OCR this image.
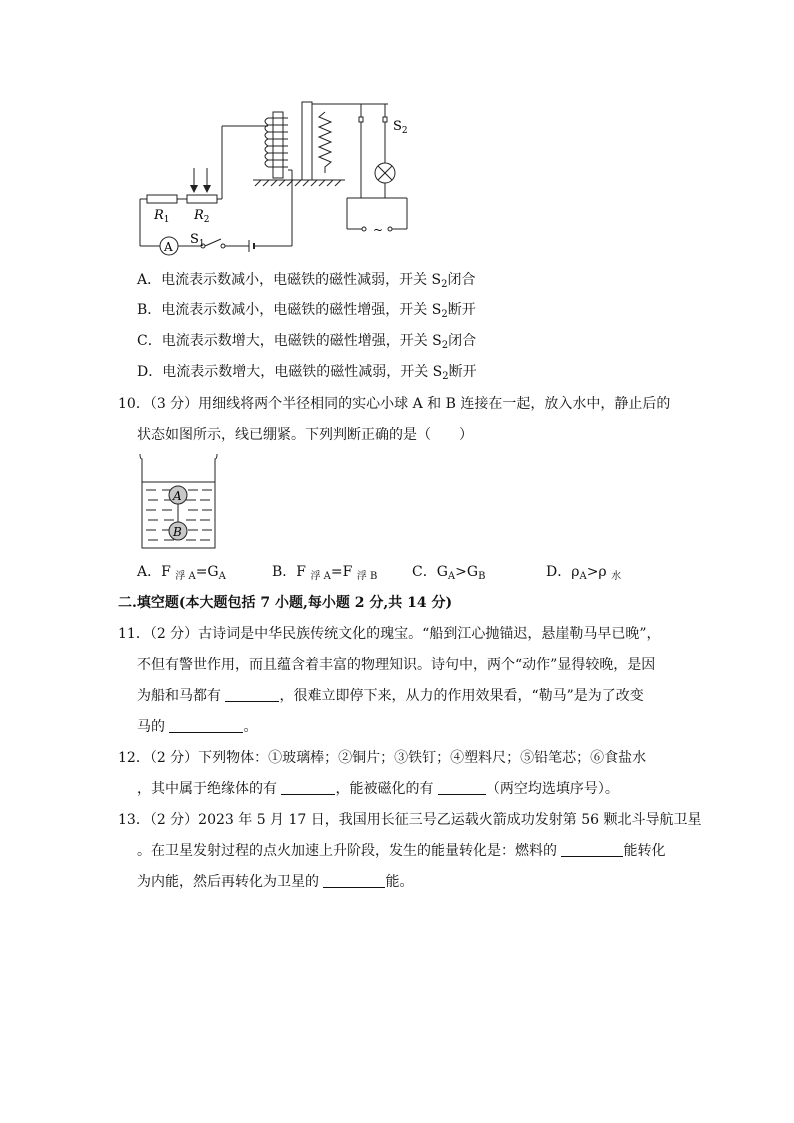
$S_2$
$R_1$ $R_2$
$S_1$
A
~
A．电流表示数减小，电磁铁的磁性减弱，开关 $S_2$闭合
B．电流表示数减小，电磁铁的磁性增强，开关 $S_2$断开
C．电流表示数增大，电磁铁的磁性增强，开关 $S_2$闭合
D．电流表示数增大，电磁铁的磁性减弱，开关 $S_2$断开
10．（3 分）用细线将两个半径相同的实心小球 A 和 B 连接在一起，放入水中，静止后的
状态如图所示，线已绷紧。下列判断正确的是（　　）
A
B
A．F $_{浮 A}=G_A$	B．F $_{浮 A}$=F $_{浮 B}$ C．$G_A>G_B$	D．$\rho_A>\rho$ $_水$
二.填空题(本大题包括 7 小题,每小题 2 分,共 14 分)
11．（2 分）古诗词是中华民族传统文化的瑰宝。“船到江心抛锚迟，悬崖勒马早已晚”，
不但有警世作用，而且蕴含着丰富的物理知识。诗句中，两个“动作”显得较晚，是因
为船和马都有	，很难立即停下来，从力的作用效果看，“勒马”是为了改变
马的	。
12．（2 分）下列物体：①玻璃棒；②铜片；③铁钉；④塑料尺；⑤铅笔芯；⑥食盐水
，其中属于绝缘体的有	，能被磁化的有	（两空均选填序号）。
13．（2 分）2023 年 5 月 17 日，我国用长征三号乙运载火箭成功发射第 56 颗北斗导航卫星
。在卫星发射过程的点火加速上升阶段，发生的能量转化是：燃料的	能转化
为内能，然后再转化为卫星的	能。
